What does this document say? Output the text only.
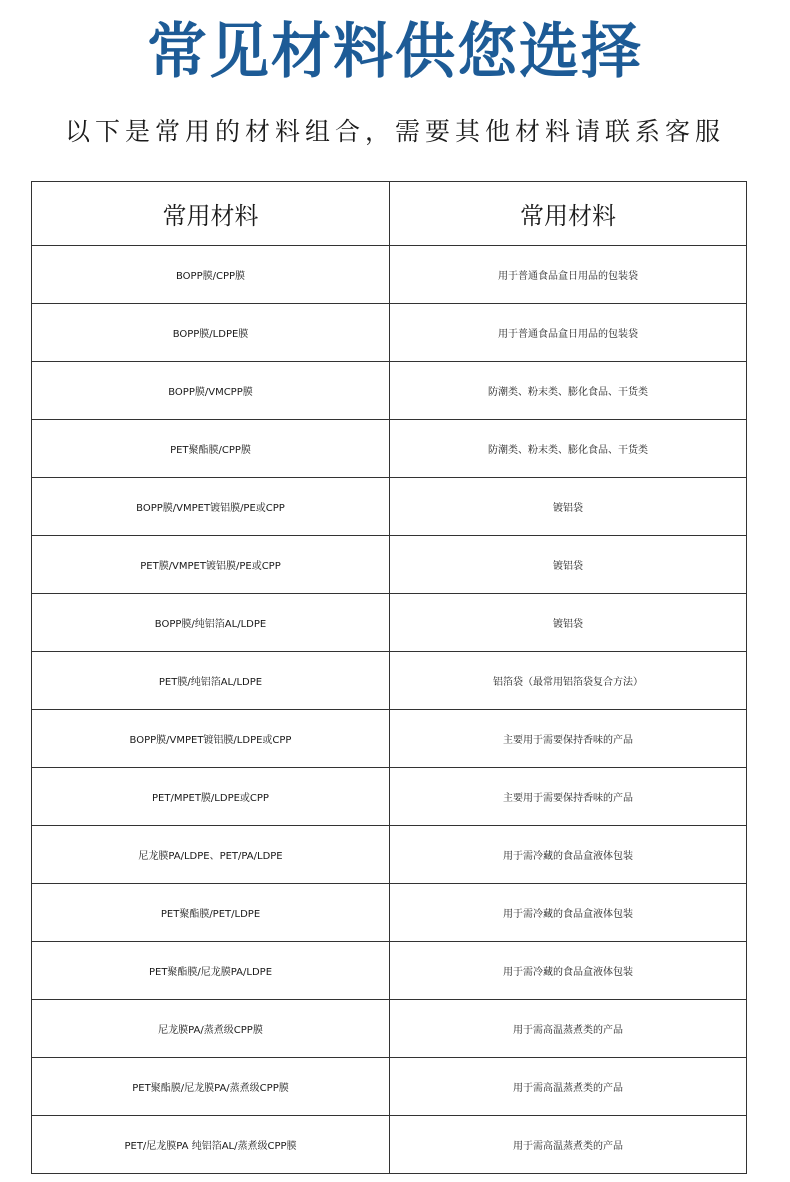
常见材料供您选择

以下是常用的材料组合，需要其他材料请联系客服

常用材料	常用材料
BOPP膜/CPP膜	用于普通食品盒日用品的包装袋
BOPP膜/LDPE膜	用于普通食品盒日用品的包装袋
BOPP膜/VMCPP膜	防潮类、粉末类、膨化食品、干货类
PET聚酯膜/CPP膜	防潮类、粉末类、膨化食品、干货类
BOPP膜/VMPET镀铝膜/PE或CPP	镀铝袋
PET膜/VMPET镀铝膜/PE或CPP	镀铝袋
BOPP膜/纯铝箔AL/LDPE	镀铝袋
PET膜/纯铝箔AL/LDPE	铝箔袋（最常用铝箔袋复合方法）
BOPP膜/VMPET镀铝膜/LDPE或CPP	主要用于需要保持香味的产品
PET/MPET膜/LDPE或CPP	主要用于需要保持香味的产品
尼龙膜PA/LDPE、PET/PA/LDPE	用于需冷藏的食品盒液体包装
PET聚酯膜/PET/LDPE	用于需冷藏的食品盒液体包装
PET聚酯膜/尼龙膜PA/LDPE	用于需冷藏的食品盒液体包装
尼龙膜PA/蒸煮级CPP膜	用于需高温蒸煮类的产品
PET聚酯膜/尼龙膜PA/蒸煮级CPP膜	用于需高温蒸煮类的产品
PET/尼龙膜PA 纯铝箔AL/蒸煮级CPP膜	用于需高温蒸煮类的产品
